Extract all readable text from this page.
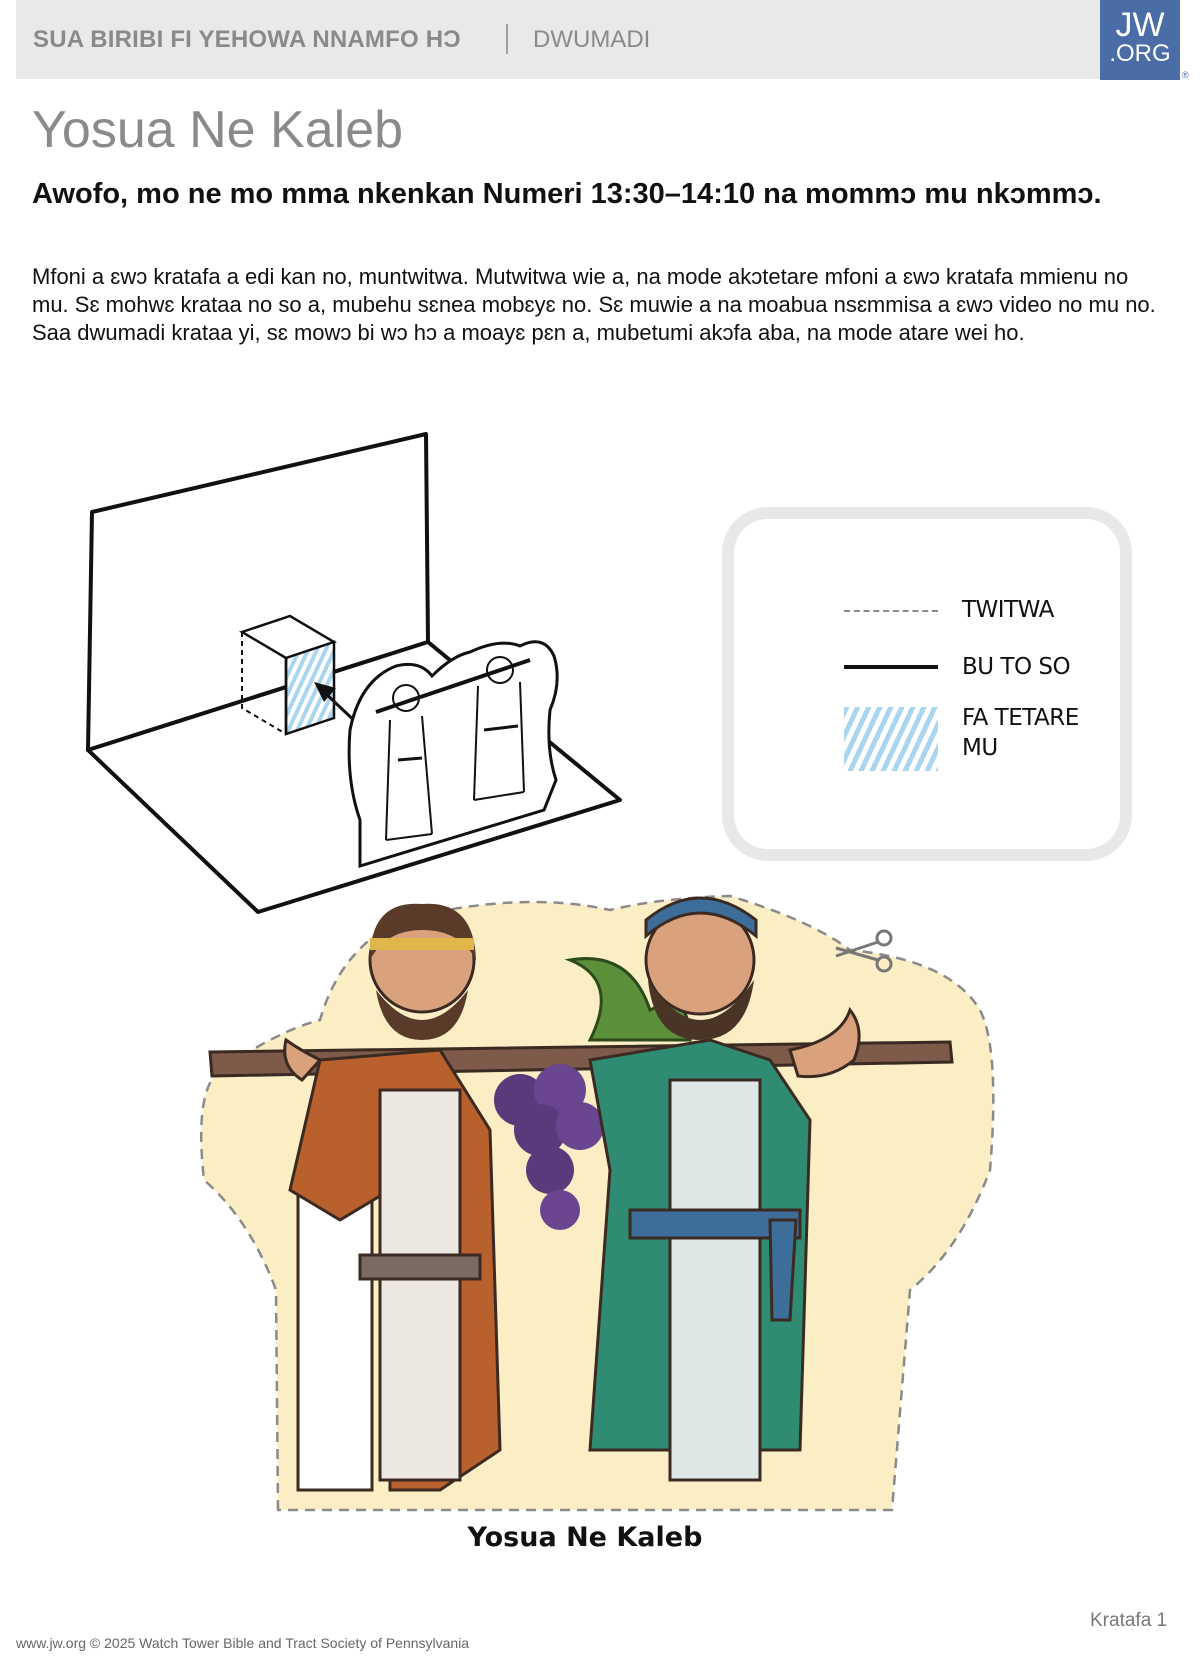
SUA BIRIBI FI YEHOWA NNAMFO HƆ	DWUMADI	JW
.ORG
®
Yosua Ne Kaleb

Awofo, mo ne mo mma nkenkan Numeri 13:30–14:10 na mommɔ mu nkɔmmɔ.

Mfoni a ɛwɔ kratafa a edi kan no, muntwitwa. Mutwitwa wie a, na mode akɔtetare mfoni a ɛwɔ kratafa mmienu no mu. Sɛ mohwɛ krataa no so a, mubehu sɛnea mobɛyɛ no. Sɛ muwie a na moabua nsɛmmisa a ɛwɔ video no mu no. Saa dwumadi krataa yi, sɛ mowɔ bi wɔ hɔ a moayɛ pɛn a, mubetumi akɔfa aba, na mode atare wei ho.

TWITWA
BU TO SO
FA TETARE MU
Yosua Ne Kaleb
www.jw.org © 2025 Watch Tower Bible and Tract Society of Pennsylvania
Kratafa 1
